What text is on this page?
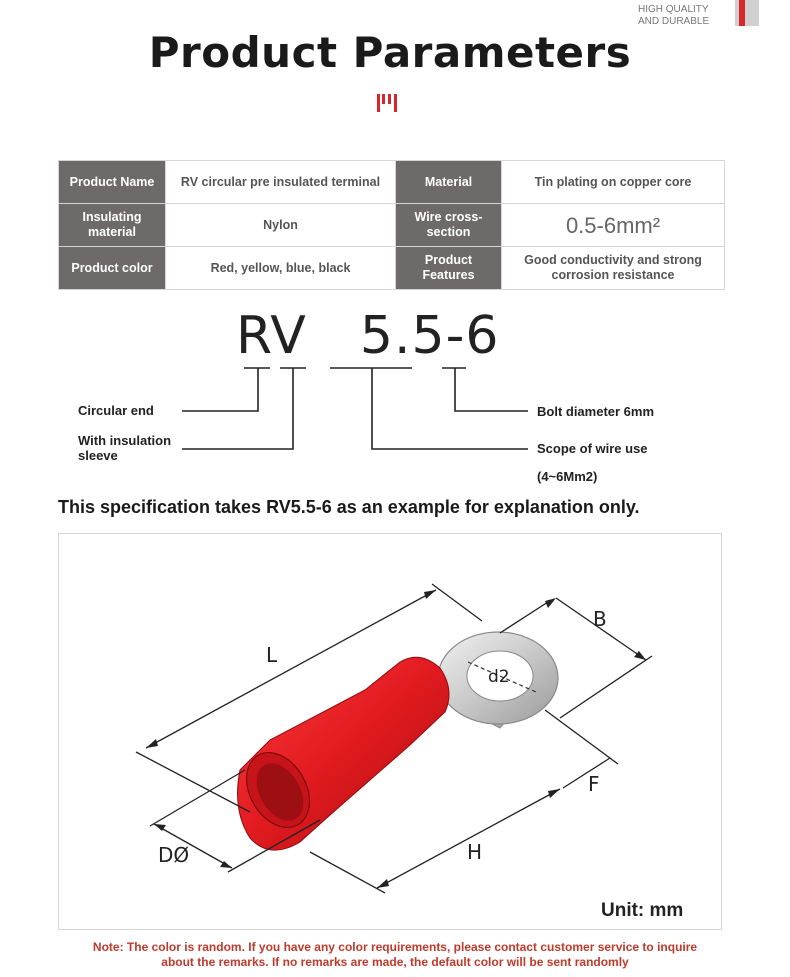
HIGH QUALITY
AND DURABLE
Product Parameters
Product Name	RV circular pre insulated terminal	Material	Tin plating on copper core
Insulating material	Nylon	Wire cross-section	0.5-6mm²
Product color	Red, yellow, blue, black	Product Features	Good conductivity and strong corrosion resistance
RV 5.5-6
Circular end
With insulation sleeve
Bolt diameter 6mm
Scope of wire use
(4~6Mm2)
This specification takes RV5.5-6 as an example for explanation only.
L
B
d2
F
H
DØ
Unit: mm
Note: The color is random. If you have any color requirements, please contact customer service to inquire
about the remarks. If no remarks are made, the default color will be sent randomly
